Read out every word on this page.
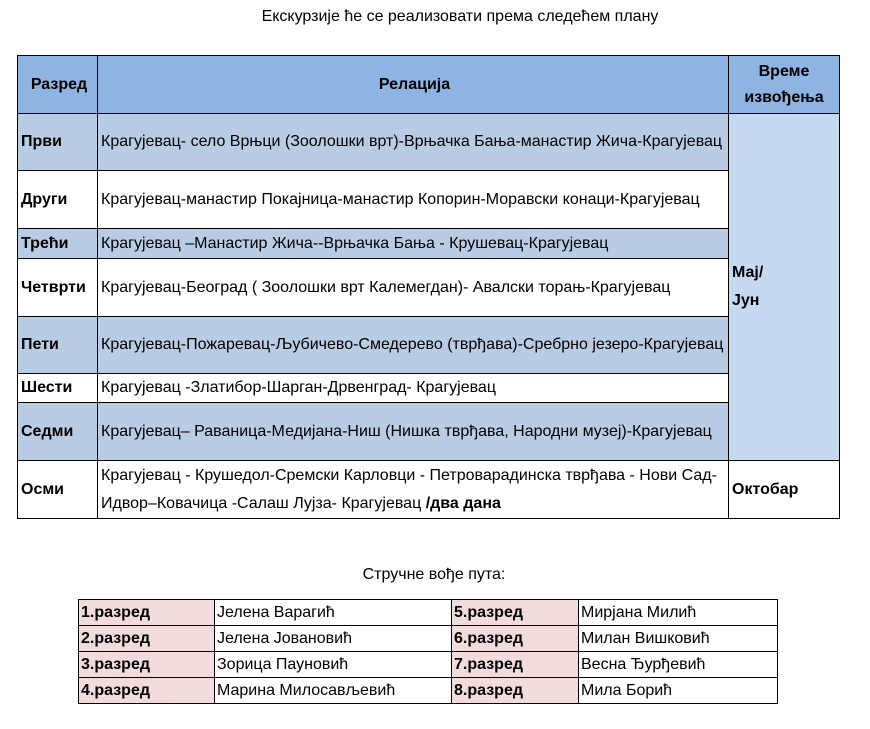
Екскурзије ће се реализовати према следећем плану
Разред	Релација	Време извођења
Први	Крагујевац- село Врњци (Зоолошки врт)-Врњачка Бања-манастир Жича-Крагујевац	Мај/ Јун

Други	Крагујевац-манастир Покајница-манастир Копорин-Моравски конаци-Крагујевац	
Трећи	Крагујевац –Манастир Жича--Врњачка Бања - Крушевац-Крагујевац	
Четврти	Крагујевац-Београд ( Зоолошки врт Калемегдан)- Авалски торањ-Крагујевац	
Пети	Крагујевац-Пожаревац-Љубичево-Смедерево (тврђава)-Сребрно језеро-Крагујевац	
Шести	Крагујевац -Златибор-Шарган-Дрвенград- Крагујевац	
Седми	Крагујевац– Раваница-Медијана-Ниш (Нишка тврђава, Народни музеј)-Крагујевац	
Осми	Крагујевац - Крушедол-Сремски Карловци - Петроварадинска тврђава - Нови Сад-Идвор–Ковачица -Салаш Лујза- Крагујевац /два дана	Октобар
Стручне вође пута:
1.разред	Јелена Варагић	5.разред	Мирјана Милић
2.разред	Јелена Јовановић	6.разред	Милан Вишковић
3.разред	Зорица Пауновић	7.разред	Весна Ђурђевић
4.разред	Марина Милосављевић	8.разред	Мила Борић
